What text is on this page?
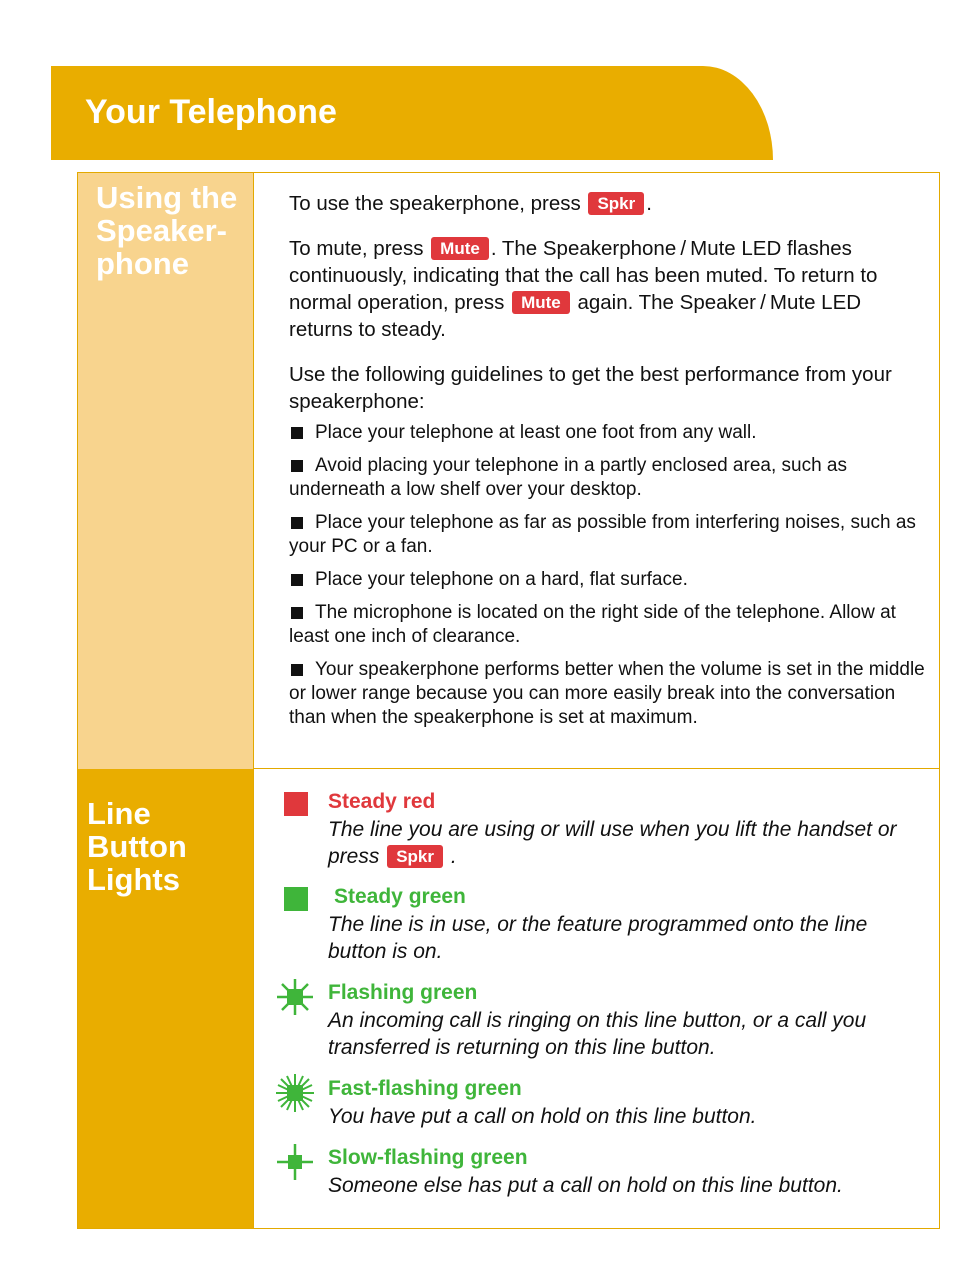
Your Telephone
Using the Speaker- phone
Line Button Lights

To use the speakerphone, press Spkr .

To mute, press Mute . The Speakerphone / Mute LED flashes continuously, indicating that the call has been muted. To return to normal operation, press Mute again. The Speaker / Mute LED returns to steady.

Use the following guidelines to get the best performance from your speakerphone:

Place your telephone at least one foot from any wall.
Avoid placing your telephone in a partly enclosed area, such as underneath a low shelf over your desktop.
Place your telephone as far as possible from interfering noises, such as your PC or a fan.
Place your telephone on a hard, flat surface.
The microphone is located on the right side of the telephone. Allow at least one inch of clearance.
Your speakerphone performs better when the volume is set in the middle or lower range because you can more easily break into the conversation than when the speakerphone is set at maximum.
Steady red
The line you are using or will use when you lift the handset or press Spkr .
Steady green
The line is in use, or the feature programmed onto the line button is on.
Flashing green
An incoming call is ringing on this line button, or a call you transferred is returning on this line button.
Fast-flashing green
You have put a call on hold on this line button.
Slow-flashing green
Someone else has put a call on hold on this line button.
